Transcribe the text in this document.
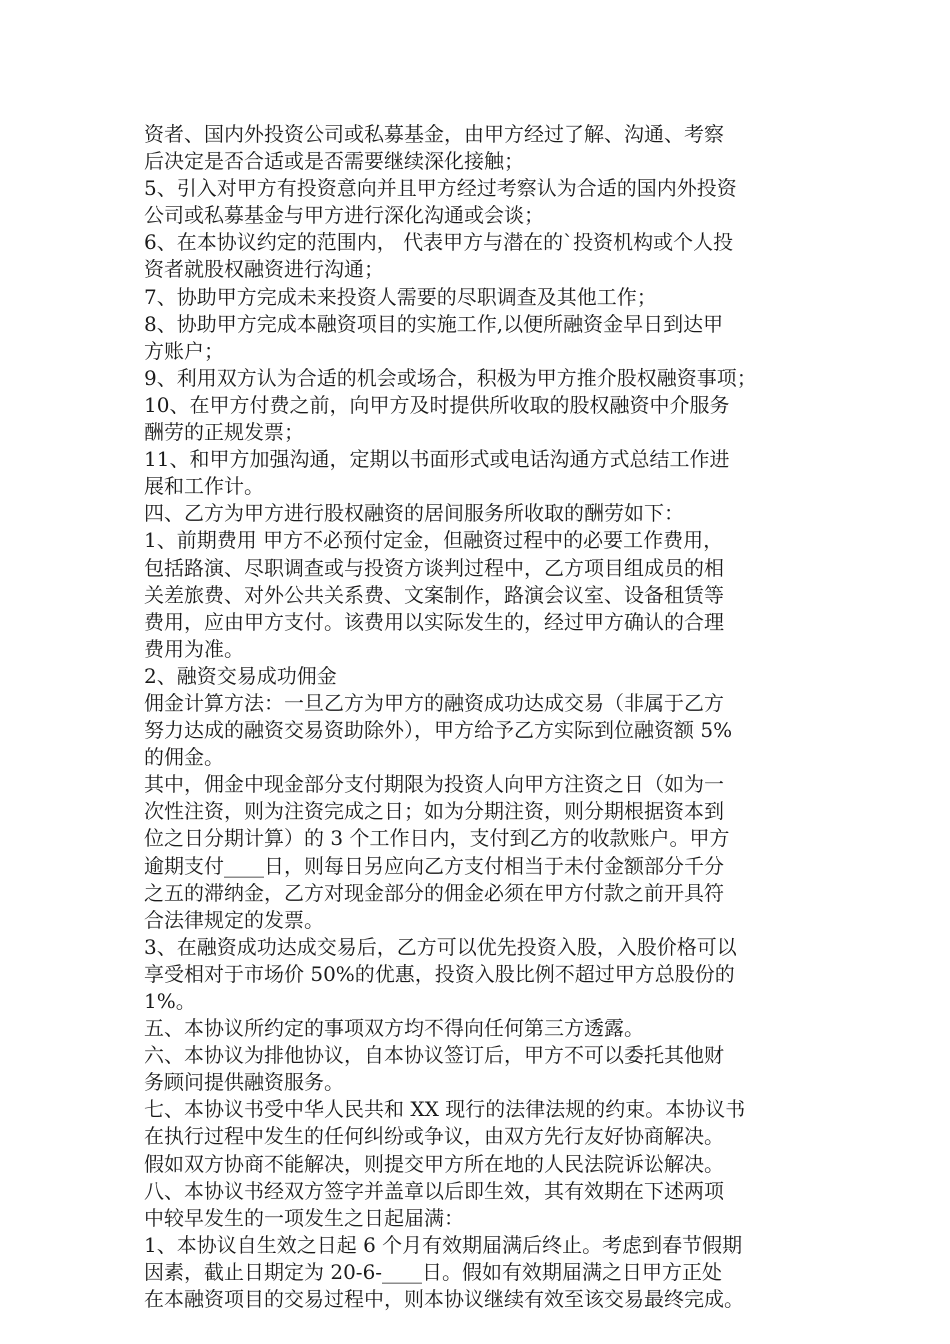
资者、国内外投资公司或私募基金，由甲方经过了解、沟通、考察
后决定是否合适或是否需要继续深化接触；
5、引入对甲方有投资意向并且甲方经过考察认为合适的国内外投资
公司或私募基金与甲方进行深化沟通或会谈；
6、在本协议约定的范围内， 代表甲方与潜在的`投资机构或个人投
资者就股权融资进行沟通；
7、协助甲方完成未来投资人需要的尽职调查及其他工作；
8、协助甲方完成本融资项目的实施工作,以便所融资金早日到达甲
方账户；
9、利用双方认为合适的机会或场合，积极为甲方推介股权融资事项；
10、在甲方付费之前，向甲方及时提供所收取的股权融资中介服务
酬劳的正规发票；
11、和甲方加强沟通，定期以书面形式或电话沟通方式总结工作进
展和工作计。
四、乙方为甲方进行股权融资的居间服务所收取的酬劳如下：
1、前期费用 甲方不必预付定金，但融资过程中的必要工作费用，
包括路演、尽职调查或与投资方谈判过程中，乙方项目组成员的相
关差旅费、对外公共关系费、文案制作，路演会议室、设备租赁等
费用，应由甲方支付。该费用以实际发生的，经过甲方确认的合理
费用为准。
2、融资交易成功佣金
佣金计算方法：一旦乙方为甲方的融资成功达成交易（非属于乙方
努力达成的融资交易资助除外），甲方给予乙方实际到位融资额 5%
的佣金。
其中，佣金中现金部分支付期限为投资人向甲方注资之日（如为一
次性注资，则为注资完成之日；如为分期注资，则分期根据资本到
位之日分期计算）的 3 个工作日内，支付到乙方的收款账户。甲方
逾期支付____日，则每日另应向乙方支付相当于未付金额部分千分
之五的滞纳金，乙方对现金部分的佣金必须在甲方付款之前开具符
合法律规定的发票。
3、在融资成功达成交易后，乙方可以优先投资入股，入股价格可以
享受相对于市场价 50%的优惠，投资入股比例不超过甲方总股份的
1%。
五、本协议所约定的事项双方均不得向任何第三方透露。
六、本协议为排他协议，自本协议签订后，甲方不可以委托其他财
务顾问提供融资服务。
七、本协议书受中华人民共和 XX 现行的法律法规的约束。本协议书
在执行过程中发生的任何纠纷或争议，由双方先行友好协商解决。
假如双方协商不能解决，则提交甲方所在地的人民法院诉讼解决。
八、本协议书经双方签字并盖章以后即生效，其有效期在下述两项
中较早发生的一项发生之日起届满：
1、本协议自生效之日起 6 个月有效期届满后终止。考虑到春节假期
因素，截止日期定为 20-6-____日。假如有效期届满之日甲方正处
在本融资项目的交易过程中，则本协议继续有效至该交易最终完成。
